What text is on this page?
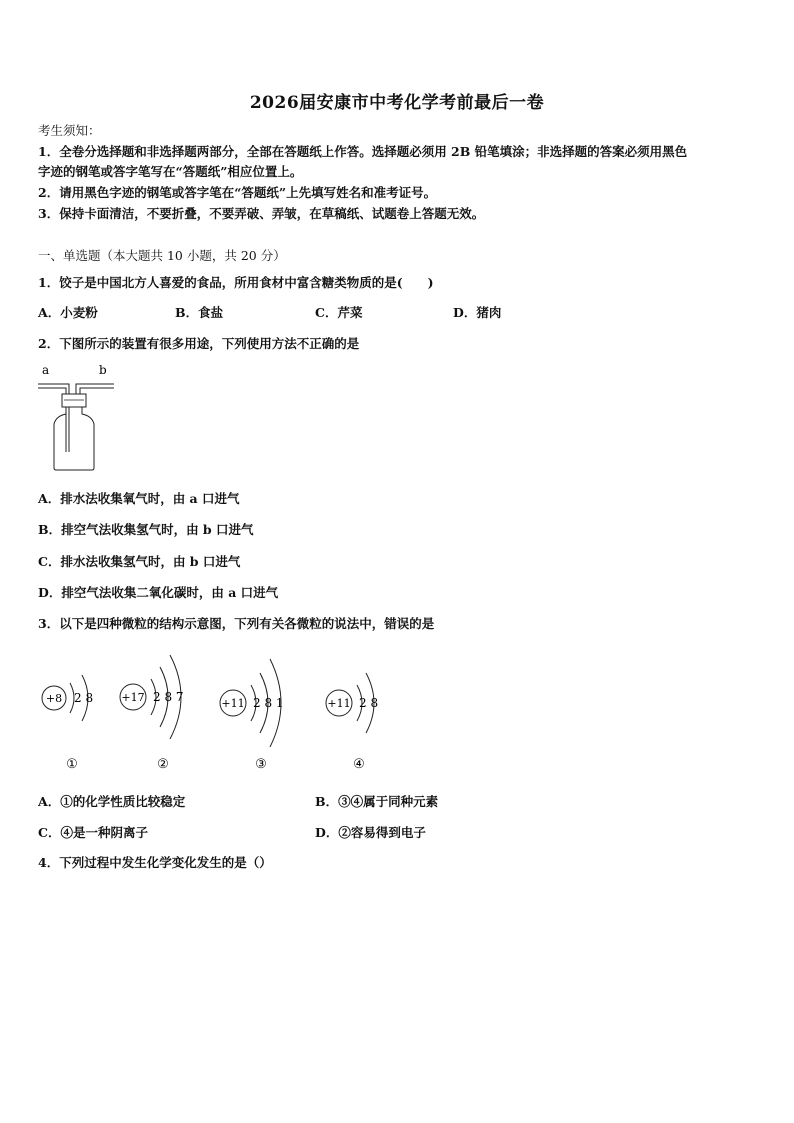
2026届安康市中考化学考前最后一卷
考生须知：
1．全卷分选择题和非选择题两部分，全部在答题纸上作答。选择题必须用 2B 铅笔填涂；非选择题的答案必须用黑色
字迹的钢笔或答字笔写在“答题纸”相应位置上。
2．请用黑色字迹的钢笔或答字笔在“答题纸”上先填写姓名和准考证号。
3．保持卡面清洁，不要折叠，不要弄破、弄皱，在草稿纸、试题卷上答题无效。
一、单选题（本大题共 10 小题，共 20 分）
1．饺子是中国北方人喜爱的食品，所用食材中富含糖类物质的是(　　)
A．小麦粉	B．食盐	C．芹菜	D．猪肉
2．下图所示的装置有很多用途，下列使用方法不正确的是
a	b
A．排水法收集氧气时，由 a 口进气
B．排空气法收集氢气时，由 b 口进气
C．排水法收集氢气时，由 b 口进气
D．排空气法收集二氧化碳时，由 a 口进气
3．以下是四种微粒的结构示意图，下列有关各微粒的说法中，错误的是
+8 2 8
①
+17 2 8 7
②
+11 2 8 1
③
+11 2 8
④
A．①的化学性质比较稳定	B．③④属于同种元素
C．④是一种阴离子	D．②容易得到电子
4．下列过程中发生化学变化发生的是（）
